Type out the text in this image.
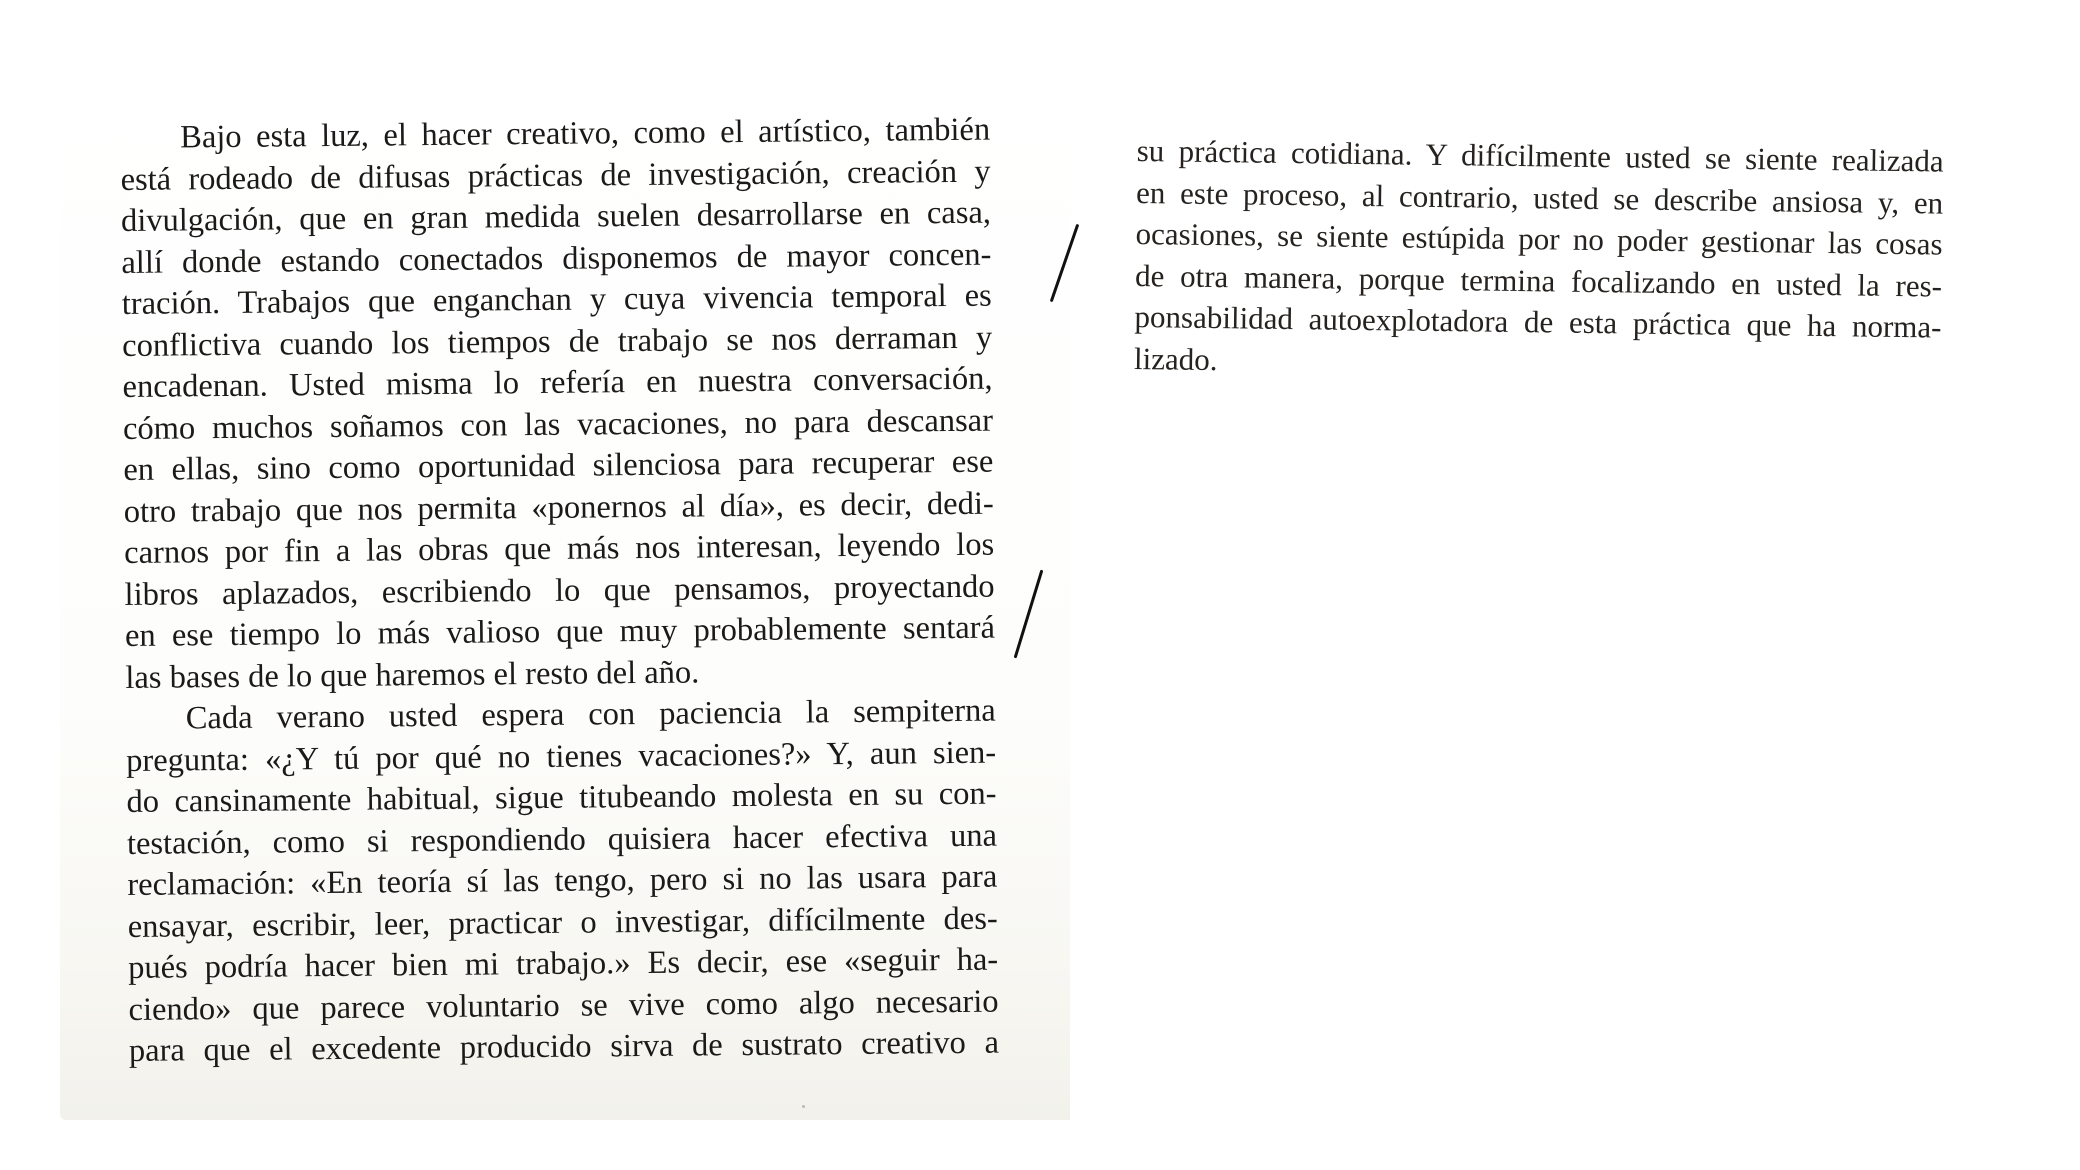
Bajo esta luz, el hacer creativo, como el artístico, también
está rodeado de difusas prácticas de investigación, creación y
divulgación, que en gran medida suelen desarrollarse en casa,
allí donde estando conectados disponemos de mayor concen-
tración. Trabajos que enganchan y cuya vivencia temporal es
conflictiva cuando los tiempos de trabajo se nos derraman y
encadenan. Usted misma lo refería en nuestra conversación,
cómo muchos soñamos con las vacaciones, no para descansar
en ellas, sino como oportunidad silenciosa para recuperar ese
otro trabajo que nos permita «ponernos al día», es decir, dedi-
carnos por fin a las obras que más nos interesan, leyendo los
libros aplazados, escribiendo lo que pensamos, proyectando
en ese tiempo lo más valioso que muy probablemente sentará
las bases de lo que haremos el resto del año.

Cada verano usted espera con paciencia la sempiterna
pregunta: «¿Y tú por qué no tienes vacaciones?» Y, aun sien-
do cansinamente habitual, sigue titubeando molesta en su con-
testación, como si respondiendo quisiera hacer efectiva una
reclamación: «En teoría sí las tengo, pero si no las usara para
ensayar, escribir, leer, practicar o investigar, difícilmente des-
pués podría hacer bien mi trabajo.» Es decir, ese «seguir ha-
ciendo» que parece voluntario se vive como algo necesario
para que el excedente producido sirva de sustrato creativo a

su práctica cotidiana. Y difícilmente usted se siente realizada
en este proceso, al contrario, usted se describe ansiosa y, en
ocasiones, se siente estúpida por no poder gestionar las cosas
de otra manera, porque termina focalizando en usted la res-
ponsabilidad autoexplotadora de esta práctica que ha norma-
lizado.
